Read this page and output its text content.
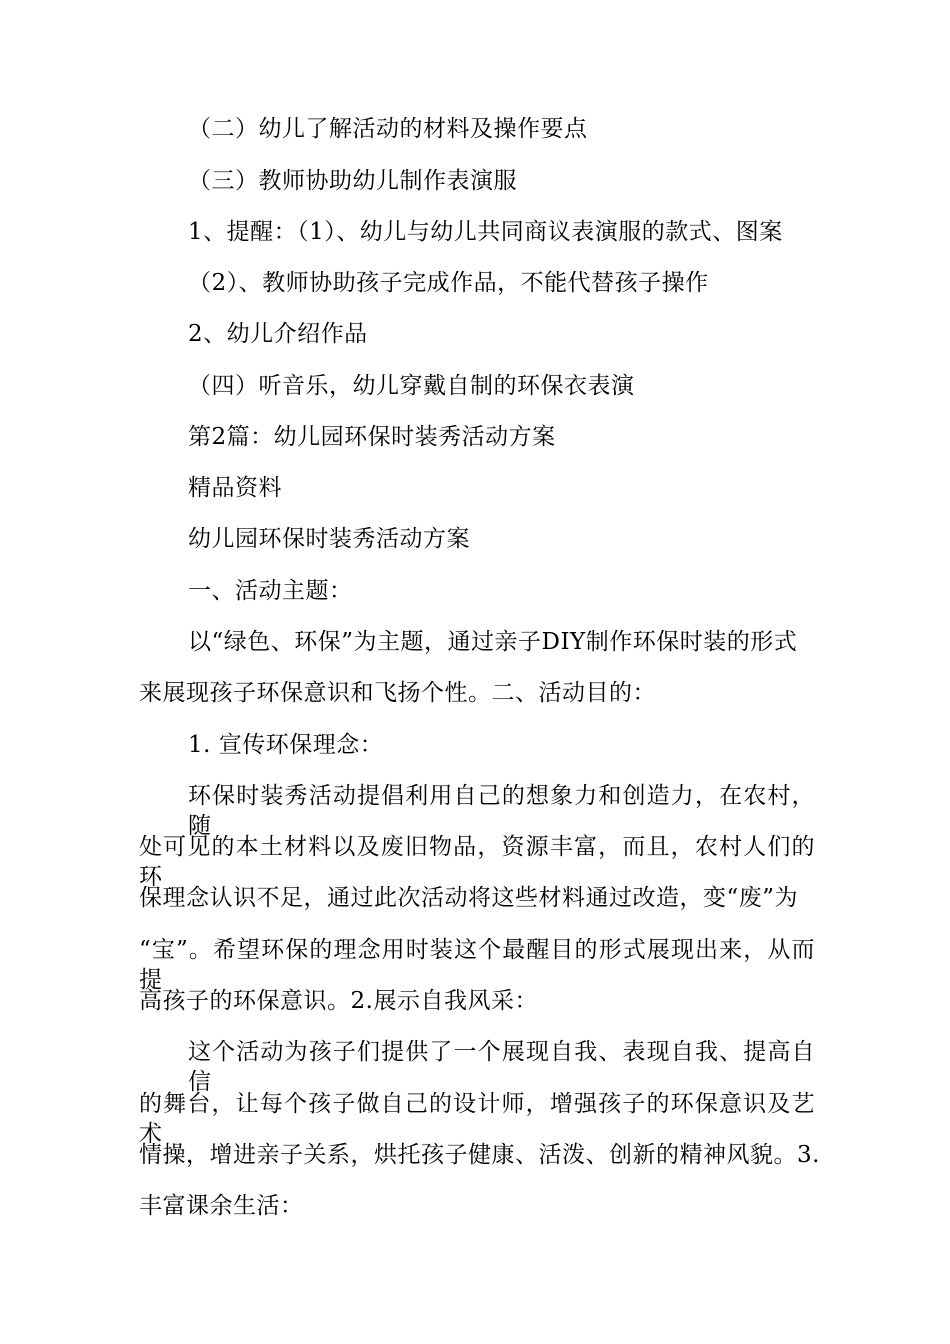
（二）幼儿了解活动的材料及操作要点
（三）教师协助幼儿制作表演服
1、提醒：（1）、幼儿与幼儿共同商议表演服的款式、图案
（2）、教师协助孩子完成作品，不能代替孩子操作
2、幼儿介绍作品
（四）听音乐，幼儿穿戴自制的环保衣表演
第2篇：幼儿园环保时装秀活动方案
精品资料
幼儿园环保时装秀活动方案
一、活动主题：
以“绿色、环保”为主题，通过亲子DIY制作环保时装的形式
来展现孩子环保意识和飞扬个性。二、活动目的：
1. 宣传环保理念：
环保时装秀活动提倡利用自己的想象力和创造力，在农村，随
处可见的本土材料以及废旧物品，资源丰富，而且，农村人们的环
保理念认识不足，通过此次活动将这些材料通过改造，变“废”为
“宝”。希望环保的理念用时装这个最醒目的形式展现出来，从而提
高孩子的环保意识。2.展示自我风采：
这个活动为孩子们提供了一个展现自我、表现自我、提高自信
的舞台，让每个孩子做自己的设计师，增强孩子的环保意识及艺术
情操，增进亲子关系，烘托孩子健康、活泼、创新的精神风貌。3.
丰富课余生活：
